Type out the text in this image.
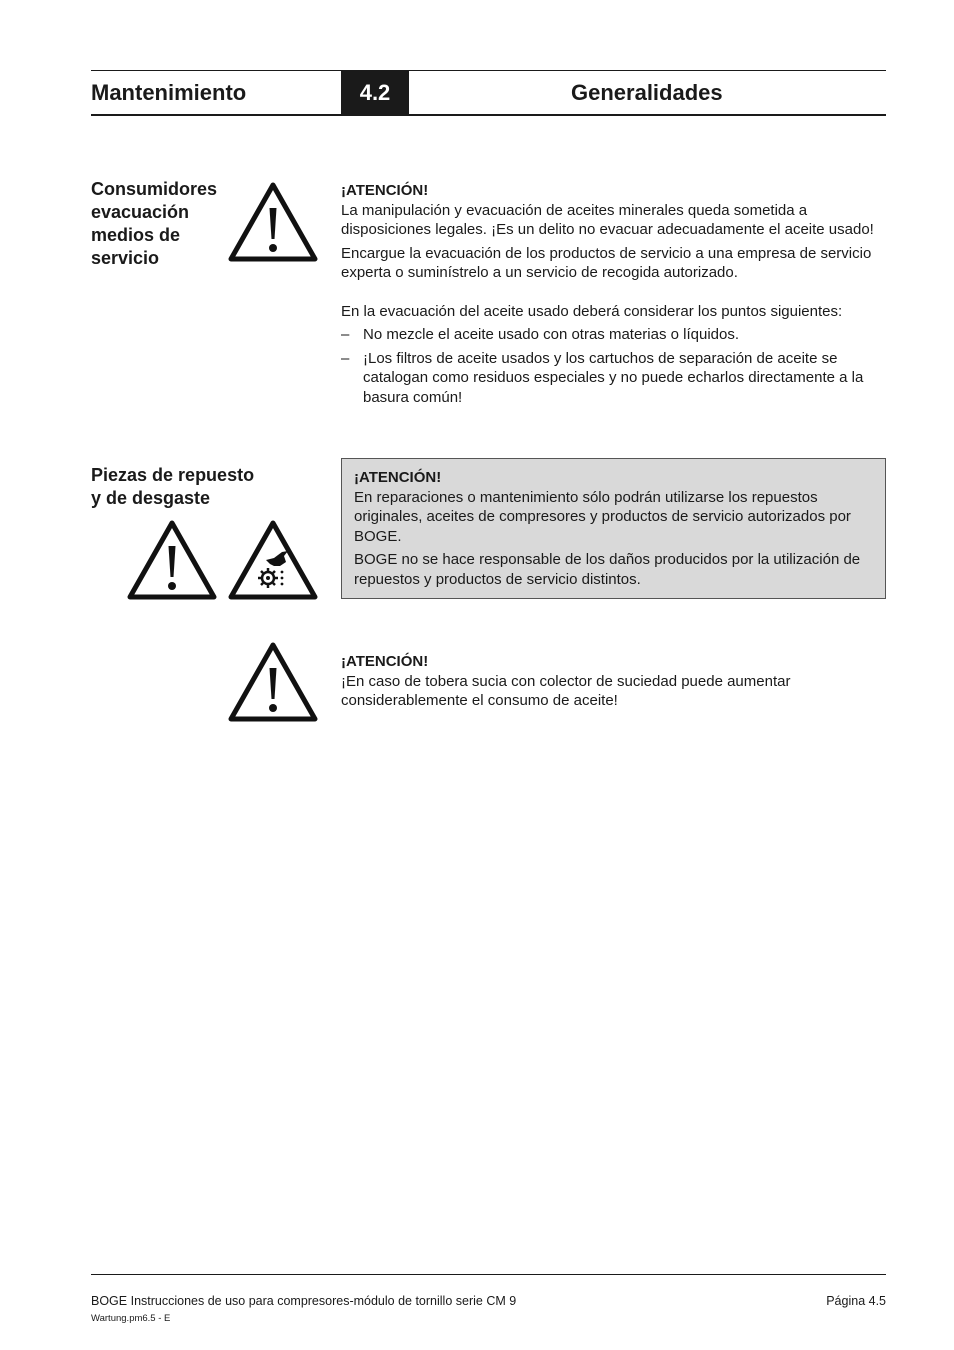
Mantenimiento	4.2	Generalidades
Consumidores
evacuación
medios de
servicio

¡ATENCIÓN!

La manipulación y evacuación de aceites minerales queda sometida a disposiciones legales. ¡Es un delito no evacuar adecuadamente el aceite usado!

Encargue la evacuación de los productos de servicio a una empresa de servicio experta o suminístrelo a un servicio de recogida autorizado.

En la evacuación del aceite usado deberá considerar los puntos siguientes:

– No mezcle el aceite usado con otras materias o líquidos.

– ¡Los filtros de aceite usados y los cartuchos de separación de aceite se catalogan como residuos especiales y no puede echarlos directamente a la basura común!

Piezas de repuesto
y de desgaste

¡ATENCIÓN!

En reparaciones o mantenimiento sólo podrán utilizarse los repuestos originales, aceites de compresores y productos de servicio autorizados por BOGE.

BOGE no se hace responsable de los daños producidos por la utilización de repuestos y productos de servicio distintos.

¡ATENCIÓN!

¡En caso de tobera sucia con colector de suciedad puede aumentar considerablemente el consumo de aceite!

BOGE Instrucciones de uso para compresores-módulo de tornillo serie CM 9
Wartung.pm6.5 - E
Página 4.5
